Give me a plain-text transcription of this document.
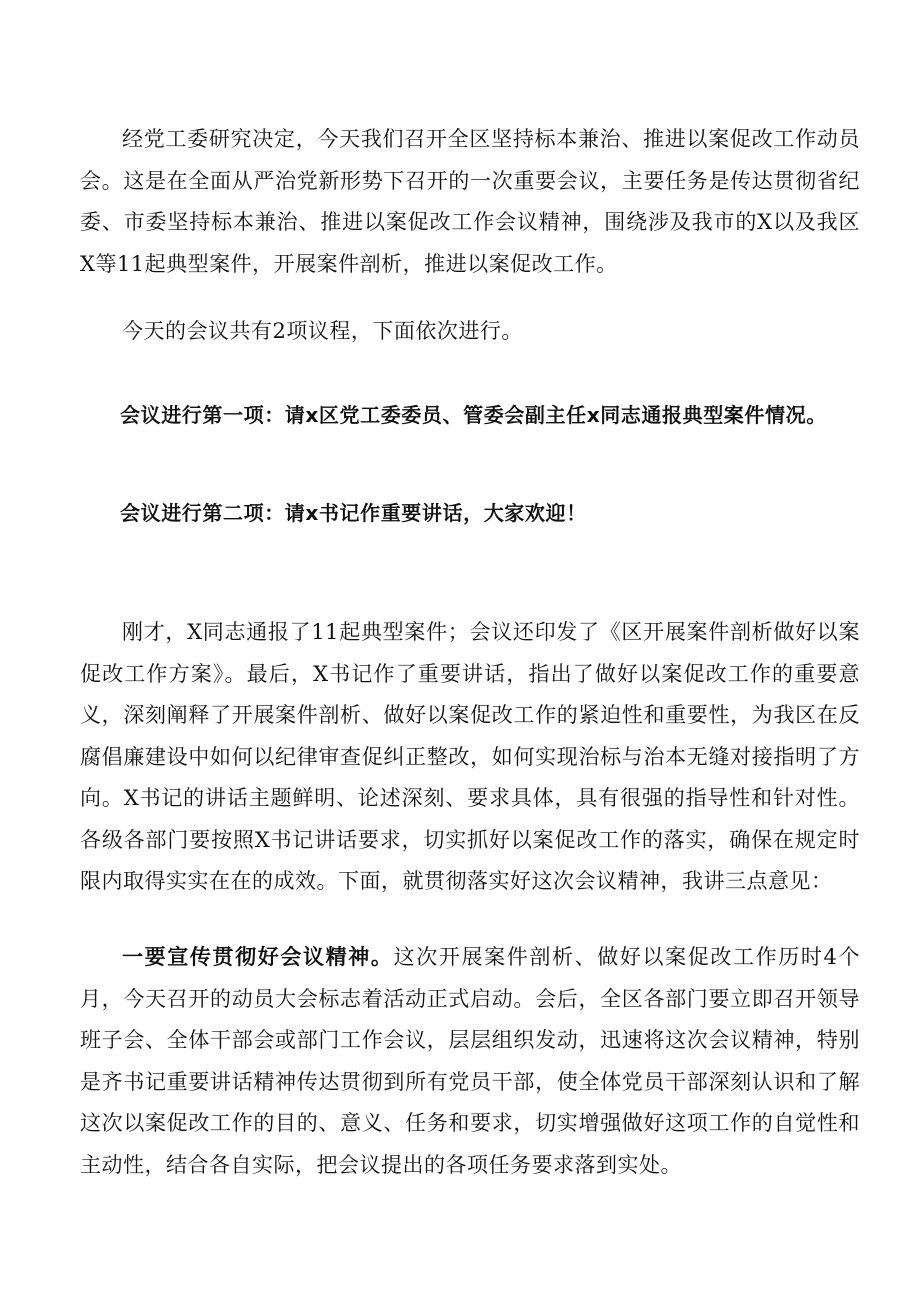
经党工委研究决定，今天我们召开全区坚持标本兼治、推进以案促改工作动员会。这是在全面从严治党新形势下召开的一次重要会议，主要任务是传达贯彻省纪委、市委坚持标本兼治、推进以案促改工作会议精神，围绕涉及我市的X以及我区X等11起典型案件，开展案件剖析，推进以案促改工作。

今天的会议共有2项议程，下面依次进行。

会议进行第一项：请x区党工委委员、管委会副主任x同志通报典型案件情况。

会议进行第二项：请x书记作重要讲话，大家欢迎！

刚才，X同志通报了11起典型案件；会议还印发了《区开展案件剖析做好以案促改工作方案》。最后，X书记作了重要讲话，指出了做好以案促改工作的重要意义，深刻阐释了开展案件剖析、做好以案促改工作的紧迫性和重要性，为我区在反腐倡廉建设中如何以纪律审查促纠正整改，如何实现治标与治本无缝对接指明了方向。X书记的讲话主题鲜明、论述深刻、要求具体，具有很强的指导性和针对性。各级各部门要按照X书记讲话要求，切实抓好以案促改工作的落实，确保在规定时限内取得实实在在的成效。下面，就贯彻落实好这次会议精神，我讲三点意见：

一要宣传贯彻好会议精神。这次开展案件剖析、做好以案促改工作历时4个月，今天召开的动员大会标志着活动正式启动。会后，全区各部门要立即召开领导班子会、全体干部会或部门工作会议，层层组织发动，迅速将这次会议精神，特别是齐书记重要讲话精神传达贯彻到所有党员干部，使全体党员干部深刻认识和了解这次以案促改工作的目的、意义、任务和要求，切实增强做好这项工作的自觉性和主动性，结合各自实际，把会议提出的各项任务要求落到实处。
